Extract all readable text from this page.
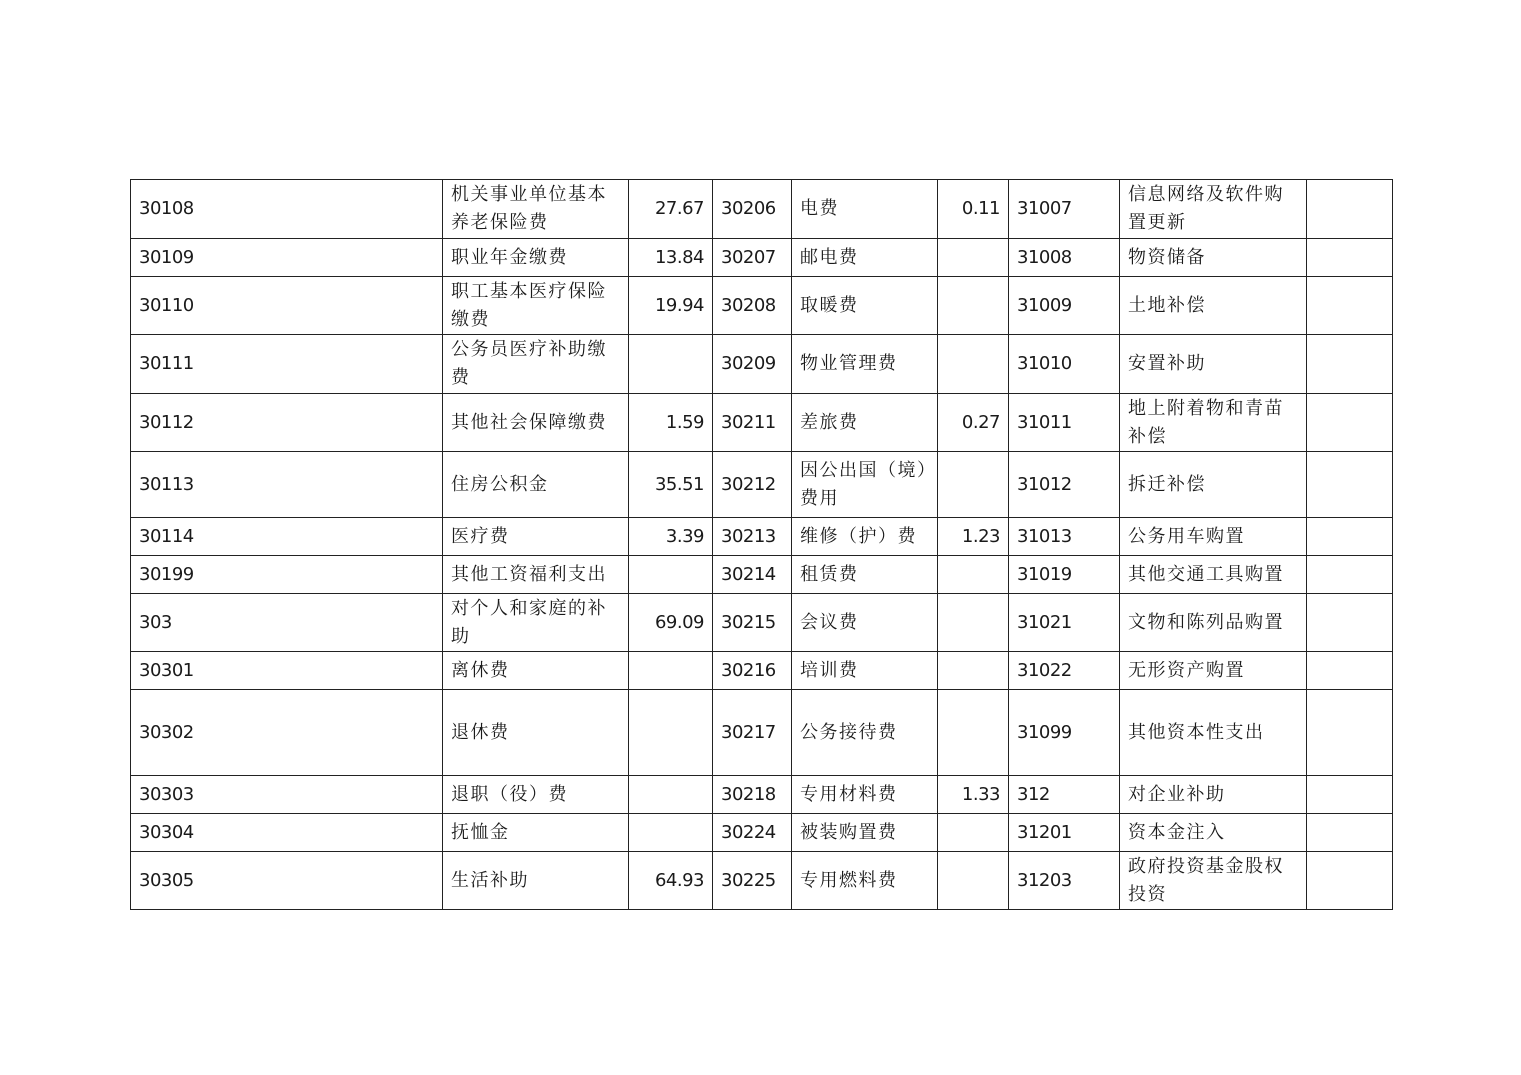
30108	机关事业单位基本养老保险费	27.67	30206	电费	0.11	31007	信息网络及软件购置更新	
30109	职业年金缴费	13.84	30207	邮电费		31008	物资储备	
30110	职工基本医疗保险缴费	19.94	30208	取暖费		31009	土地补偿	
30111	公务员医疗补助缴费		30209	物业管理费		31010	安置补助	
30112	其他社会保障缴费	1.59	30211	差旅费	0.27	31011	地上附着物和青苗补偿	
30113	住房公积金	35.51	30212	因公出国（境）费用		31012	拆迁补偿	
30114	医疗费	3.39	30213	维修（护）费	1.23	31013	公务用车购置	
30199	其他工资福利支出		30214	租赁费		31019	其他交通工具购置	
303	对个人和家庭的补助	69.09	30215	会议费		31021	文物和陈列品购置	
30301	离休费		30216	培训费		31022	无形资产购置	
30302	退休费		30217	公务接待费		31099	其他资本性支出	
30303	退职（役）费		30218	专用材料费	1.33	312	对企业补助	
30304	抚恤金		30224	被装购置费		31201	资本金注入	
30305	生活补助	64.93	30225	专用燃料费		31203	政府投资基金股权投资	
